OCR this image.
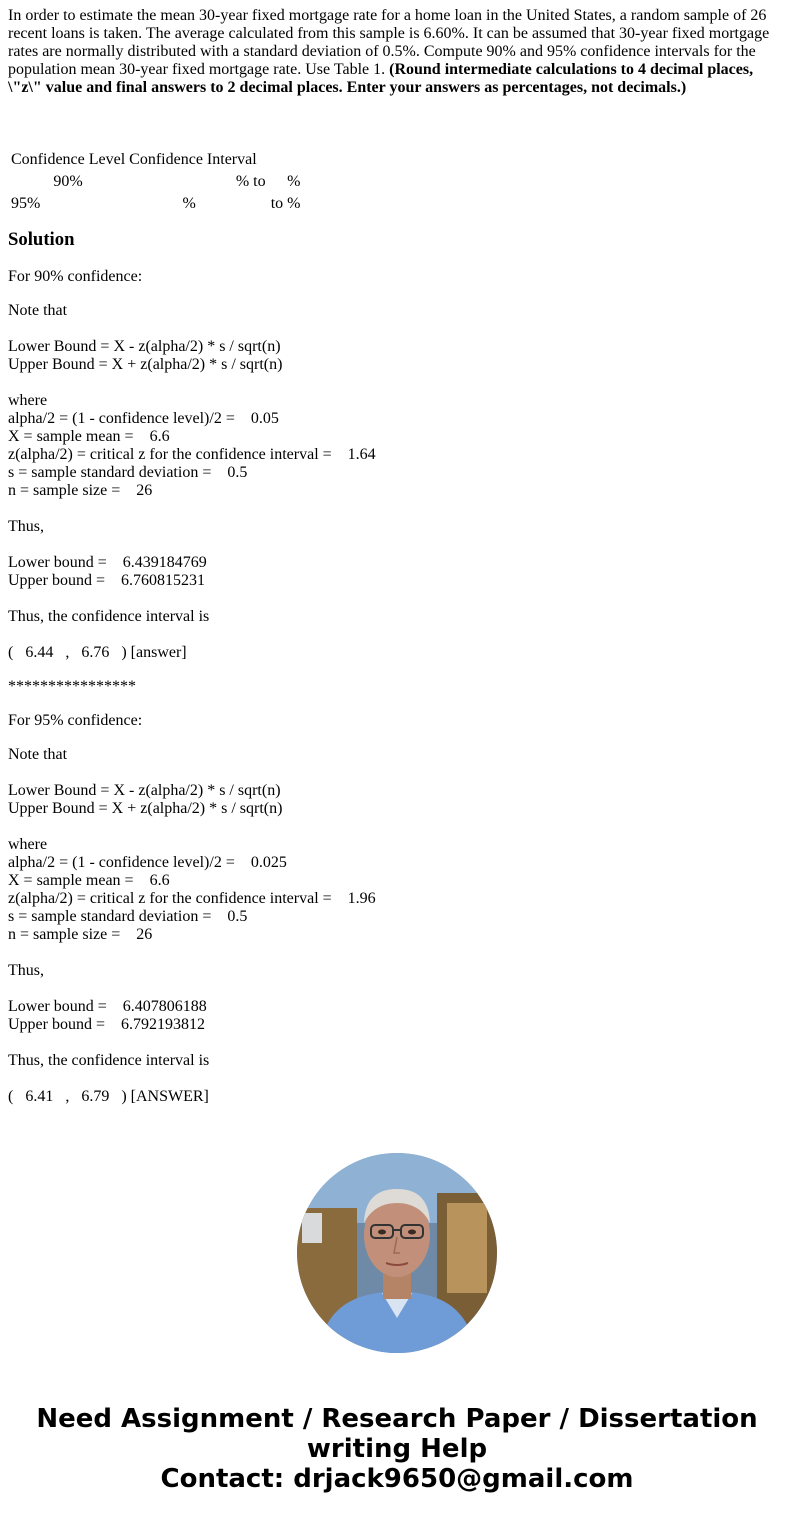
In order to estimate the mean 30-year fixed mortgage rate for a home loan in the United States, a random sample of 26 recent loans is taken. The average calculated from this sample is 6.60%. It can be assumed that 30-year fixed mortgage rates are normally distributed with a standard deviation of 0.5%. Compute 90% and 95% confidence intervals for the population mean 30-year fixed mortgage rate. Use Table 1. (Round intermediate calculations to 4 decimal places, \"z\" value and final answers to 2 decimal places. Enter your answers as percentages, not decimals.)
Confidence Level	Confidence Interval		
90%	%	to	%
95%	%	to	%
Solution
For 90% confidence:
Note that
Lower Bound = X - z(alpha/2) * s / sqrt(n)
Upper Bound = X + z(alpha/2) * s / sqrt(n)
where
alpha/2 = (1 - confidence level)/2 =    0.05
X = sample mean =    6.6
z(alpha/2) = critical z for the confidence interval =    1.64
s = sample standard deviation =    0.5
n = sample size =    26
Thus,
Lower bound =    6.439184769
Upper bound =    6.760815231
Thus, the confidence interval is
(   6.44   ,   6.76   ) [answer]
****************
For 95% confidence:
Note that
Lower Bound = X - z(alpha/2) * s / sqrt(n)
Upper Bound = X + z(alpha/2) * s / sqrt(n)
where
alpha/2 = (1 - confidence level)/2 =    0.025
X = sample mean =    6.6
z(alpha/2) = critical z for the confidence interval =    1.96
s = sample standard deviation =    0.5
n = sample size =    26
Thus,
Lower bound =    6.407806188
Upper bound =    6.792193812
Thus, the confidence interval is
(   6.41   ,   6.79   ) [ANSWER]
Need Assignment / Research Paper / Dissertation
writing Help
Contact: drjack9650@gmail.com
